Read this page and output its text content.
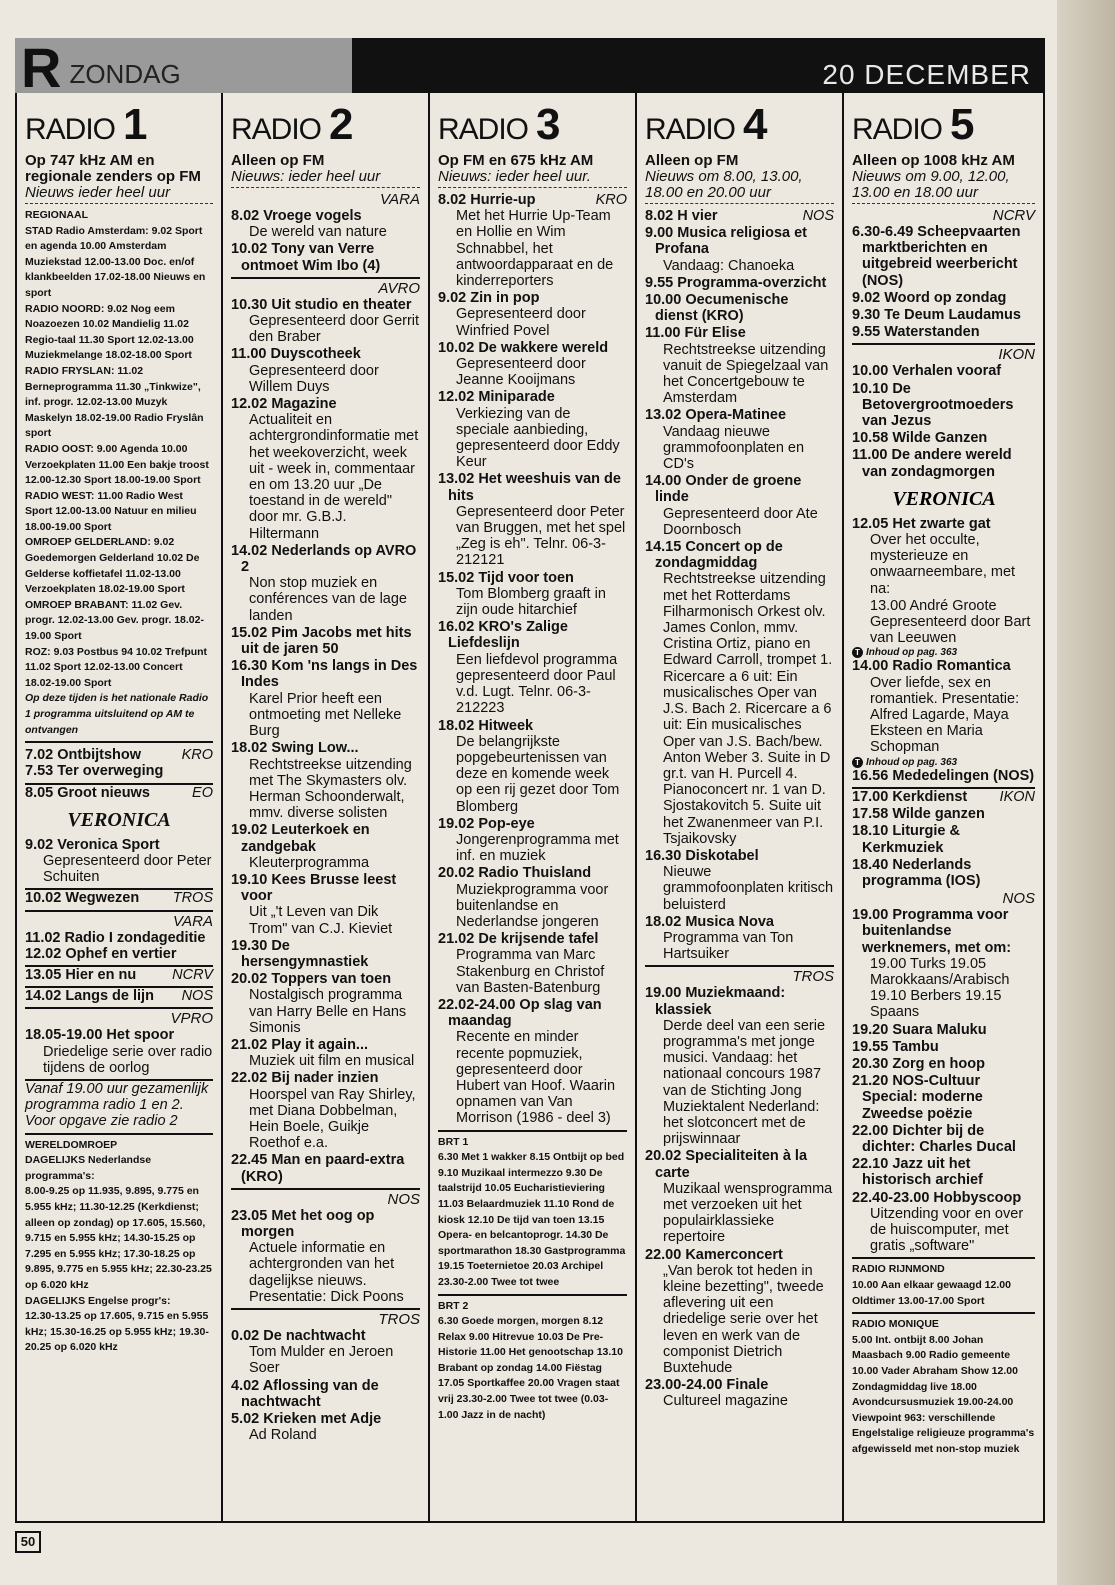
R ZONDAG	20 DECEMBER
RADIO 1
Op 747 kHz AM en regionale zenders op FM
Nieuws ieder heel uur
REGIONAAL
STAD Radio Amsterdam: 9.02 Sport en agenda 10.00 Amsterdam Muziekstad 12.00-13.00 Doc. en/of klankbeelden 17.02-18.00 Nieuws en sport
RADIO NOORD: 9.02 Nog eem Noazoezen 10.02 Mandielig 11.02 Regio-taal 11.30 Sport 12.02-13.00 Muziekmelange 18.02-18.00 Sport
RADIO FRYSLAN: 11.02 Berneprogramma 11.30 „Tinkwize", inf. progr. 12.02-13.00 Muzyk Maskelyn 18.02-19.00 Radio Fryslân sport
RADIO OOST: 9.00 Agenda 10.00 Verzoekplaten 11.00 Een bakje troost 12.00-12.30 Sport 18.00-19.00 Sport
RADIO WEST: 11.00 Radio West Sport 12.00-13.00 Natuur en milieu 18.00-19.00 Sport
OMROEP GELDERLAND: 9.02 Goedemorgen Gelderland 10.02 De Gelderse koffietafel 11.02-13.00 Verzoekplaten 18.02-19.00 Sport
OMROEP BRABANT: 11.02 Gev. progr. 12.02-13.00 Gev. progr. 18.02-19.00 Sport
ROZ: 9.03 Postbus 94 10.02 Trefpunt 11.02 Sport 12.02-13.00 Concert 18.02-19.00 Sport
Op deze tijden is het nationale Radio 1 programma uitsluitend op AM te ontvangen
7.02 Ontbijtshow	KRO
7.53 Ter overweging
8.05 Groot nieuws	EO
VERONICA
9.02 Veronica Sport
Gepresenteerd door Peter Schuiten
10.02 Wegwezen TROS
VARA
11.02 Radio I zondageditie
12.02 Ophef en vertier
13.05 Hier en nu NCRV
14.02 Langs de lijn NOS
VPRO
18.05-19.00 Het spoor
Driedelige serie over radio tijdens de oorlog
Vanaf 19.00 uur gezamenlijk programma radio 1 en 2. Voor opgave zie radio 2
WERELDOMROEP
DAGELIJKS Nederlandse programma's:
8.00-9.25 op 11.935, 9.895, 9.775 en 5.955 kHz; 11.30-12.25 (Kerkdienst; alleen op zondag) op 17.605, 15.560, 9.715 en 5.955 kHz; 14.30-15.25 op 7.295 en 5.955 kHz; 17.30-18.25 op 9.895, 9.775 en 5.955 kHz; 22.30-23.25 op 6.020 kHz
DAGELIJKS Engelse progr's:
12.30-13.25 op 17.605, 9.715 en 5.955 kHz; 15.30-16.25 op 5.955 kHz; 19.30-20.25 op 6.020 kHz
RADIO 2
Alleen op FM
Nieuws: ieder heel uur
VARA
8.02 Vroege vogels
De wereld van nature
10.02 Tony van Verre ontmoet Wim Ibo (4)
AVRO
10.30 Uit studio en theater
Gepresenteerd door Gerrit den Braber
11.00 Duyscotheek
Gepresenteerd door Willem Duys
12.02 Magazine
Actualiteit en achtergrondinformatie met het weekoverzicht, week uit - week in, commentaar en om 13.20 uur „De toestand in de wereld" door mr. G.B.J. Hiltermann
14.02 Nederlands op AVRO 2
Non stop muziek en conférences van de lage landen
15.02 Pim Jacobs met hits uit de jaren 50
16.30 Kom 'ns langs in Des Indes
Karel Prior heeft een ontmoeting met Nelleke Burg
18.02 Swing Low...
Rechtstreekse uitzending met The Skymasters olv. Herman Schoonderwalt, mmv. diverse solisten
19.02 Leuterkoek en zandgebak
Kleuterprogramma
19.10 Kees Brusse leest voor
Uit „'t Leven van Dik Trom" van C.J. Kieviet
19.30 De hersengymnastiek
20.02 Toppers van toen
Nostalgisch programma van Harry Belle en Hans Simonis
21.02 Play it again...
Muziek uit film en musical
22.02 Bij nader inzien
Hoorspel van Ray Shirley, met Diana Dobbelman, Hein Boele, Guikje Roethof e.a.
22.45 Man en paard-extra (KRO)
NOS
23.05 Met het oog op morgen
Actuele informatie en achtergronden van het dagelijkse nieuws. Presentatie: Dick Poons
TROS
0.02 De nachtwacht
Tom Mulder en Jeroen Soer
4.02 Aflossing van de nachtwacht
5.02 Krieken met Adje
Ad Roland
RADIO 3
Op FM en 675 kHz AM
Nieuws: ieder heel uur.
8.02 Hurrie-up	KRO
Met het Hurrie Up-Team en Hollie en Wim Schnabbel, het antwoordapparaat en de kinderreporters
9.02 Zin in pop
Gepresenteerd door Winfried Povel
10.02 De wakkere wereld
Gepresenteerd door Jeanne Kooijmans
12.02 Miniparade
Verkiezing van de speciale aanbieding, gepresenteerd door Eddy Keur
13.02 Het weeshuis van de hits
Gepresenteerd door Peter van Bruggen, met het spel „Zeg is eh". Telnr. 06-3-212121
15.02 Tijd voor toen
Tom Blomberg graaft in zijn oude hitarchief
16.02 KRO's Zalige Liefdeslijn
Een liefdevol programma gepresenteerd door Paul v.d. Lugt. Telnr. 06-3-212223
18.02 Hitweek
De belangrijkste popgebeurtenissen van deze en komende week op een rij gezet door Tom Blomberg
19.02 Pop-eye
Jongerenprogramma met inf. en muziek
20.02 Radio Thuisland
Muziekprogramma voor buitenlandse en Nederlandse jongeren
21.02 De krijsende tafel
Programma van Marc Stakenburg en Christof van Basten-Batenburg
22.02-24.00 Op slag van maandag
Recente en minder recente popmuziek, gepresenteerd door Hubert van Hoof. Waarin opnamen van Van Morrison (1986 - deel 3)
BRT 1
6.30 Met 1 wakker 8.15 Ontbijt op bed 9.10 Muzikaal intermezzo 9.30 De taalstrijd 10.05 Eucharistieviering 11.03 Belaardmuziek 11.10 Rond de kiosk 12.10 De tijd van toen 13.15 Opera- en belcantoprogr. 14.30 De sportmarathon 18.30 Gastprogramma 19.15 Toeternietoe 20.03 Archipel 23.30-2.00 Twee tot twee
BRT 2
6.30 Goede morgen, morgen 8.12 Relax 9.00 Hitrevue 10.03 De Pre-Historie 11.00 Het genootschap 13.10 Brabant op zondag 14.00 Fiëstag 17.05 Sportkaffee 20.00 Vragen staat vrij 23.30-2.00 Twee tot twee (0.03-1.00 Jazz in de nacht)
RADIO 4
Alleen op FM
Nieuws om 8.00, 13.00, 18.00 en 20.00 uur
8.02 H vier	NOS
9.00 Musica religiosa et Profana
Vandaag: Chanoeka
9.55 Programma-overzicht
10.00 Oecumenische dienst (KRO)
11.00 Für Elise
Rechtstreekse uitzending vanuit de Spiegelzaal van het Concertgebouw te Amsterdam
13.02 Opera-Matinee
Vandaag nieuwe grammofoonplaten en CD's
14.00 Onder de groene linde
Gepresenteerd door Ate Doornbosch
14.15 Concert op de zondagmiddag
Rechtstreekse uitzending met het Rotterdams Filharmonisch Orkest olv. James Conlon, mmv. Cristina Ortiz, piano en Edward Carroll, trompet 1. Ricercare a 6 uit: Ein musicalisches Oper van J.S. Bach 2. Ricercare a 6 uit: Ein musicalisches Oper van J.S. Bach/bew. Anton Weber 3. Suite in D gr.t. van H. Purcell 4. Pianoconcert nr. 1 van D. Sjostakovitch 5. Suite uit het Zwanenmeer van P.I. Tsjaikovsky
16.30 Diskotabel
Nieuwe grammofoonplaten kritisch beluisterd
18.02 Musica Nova
Programma van Ton Hartsuiker
TROS
19.00 Muziekmaand: klassiek
Derde deel van een serie programma's met jonge musici. Vandaag: het nationaal concours 1987 van de Stichting Jong Muziektalent Nederland: het slotconcert met de prijswinnaar
20.02 Specialiteiten à la carte
Muzikaal wensprogramma met verzoeken uit het populairklassieke repertoire
22.00 Kamerconcert
„Van berok tot heden in kleine bezetting", tweede aflevering uit een driedelige serie over het leven en werk van de componist Dietrich Buxtehude
23.00-24.00 Finale
Cultureel magazine
RADIO 5
Alleen op 1008 kHz AM
Nieuws om 9.00, 12.00, 13.00 en 18.00 uur
NCRV
6.30-6.49 Scheepvaarten marktberichten en uitgebreid weerbericht (NOS)
9.02 Woord op zondag
9.30 Te Deum Laudamus
9.55 Waterstanden
IKON
10.00 Verhalen vooraf
10.10 De Betovergrootmoeders van Jezus
10.58 Wilde Ganzen
11.00 De andere wereld van zondagmorgen
VERONICA
12.05 Het zwarte gat
Over het occulte, mysterieuze en onwaarneembare, met na:
13.00 André Groote Gepresenteerd door Bart van Leeuwen
T Inhoud op pag. 363
14.00 Radio Romantica
Over liefde, sex en romantiek. Presentatie: Alfred Lagarde, Maya Eksteen en Maria Schopman
T Inhoud op pag. 363
16.56 Mededelingen (NOS)
17.00 Kerkdienst IKON
17.58 Wilde ganzen
18.10 Liturgie & Kerkmuziek
18.40 Nederlands programma (IOS)
NOS
19.00 Programma voor buitenlandse werknemers, met om:
19.00 Turks 19.05 Marokkaans/Arabisch 19.10 Berbers 19.15 Spaans
19.20 Suara Maluku
19.55 Tambu
20.30 Zorg en hoop
21.20 NOS-Cultuur Special: moderne Zweedse poëzie
22.00 Dichter bij de dichter: Charles Ducal
22.10 Jazz uit het historisch archief
22.40-23.00 Hobbyscoop
Uitzending voor en over de huiscomputer, met gratis „software"
RADIO RIJNMOND
10.00 Aan elkaar gewaagd 12.00 Oldtimer 13.00-17.00 Sport
RADIO MONIQUE
5.00 Int. ontbijt 8.00 Johan Maasbach 9.00 Radio gemeente 10.00 Vader Abraham Show 12.00 Zondagmiddag live 18.00 Avondcursusmuziek 19.00-24.00 Viewpoint 963: verschillende Engelstalige religieuze programma's afgewisseld met non-stop muziek
50
